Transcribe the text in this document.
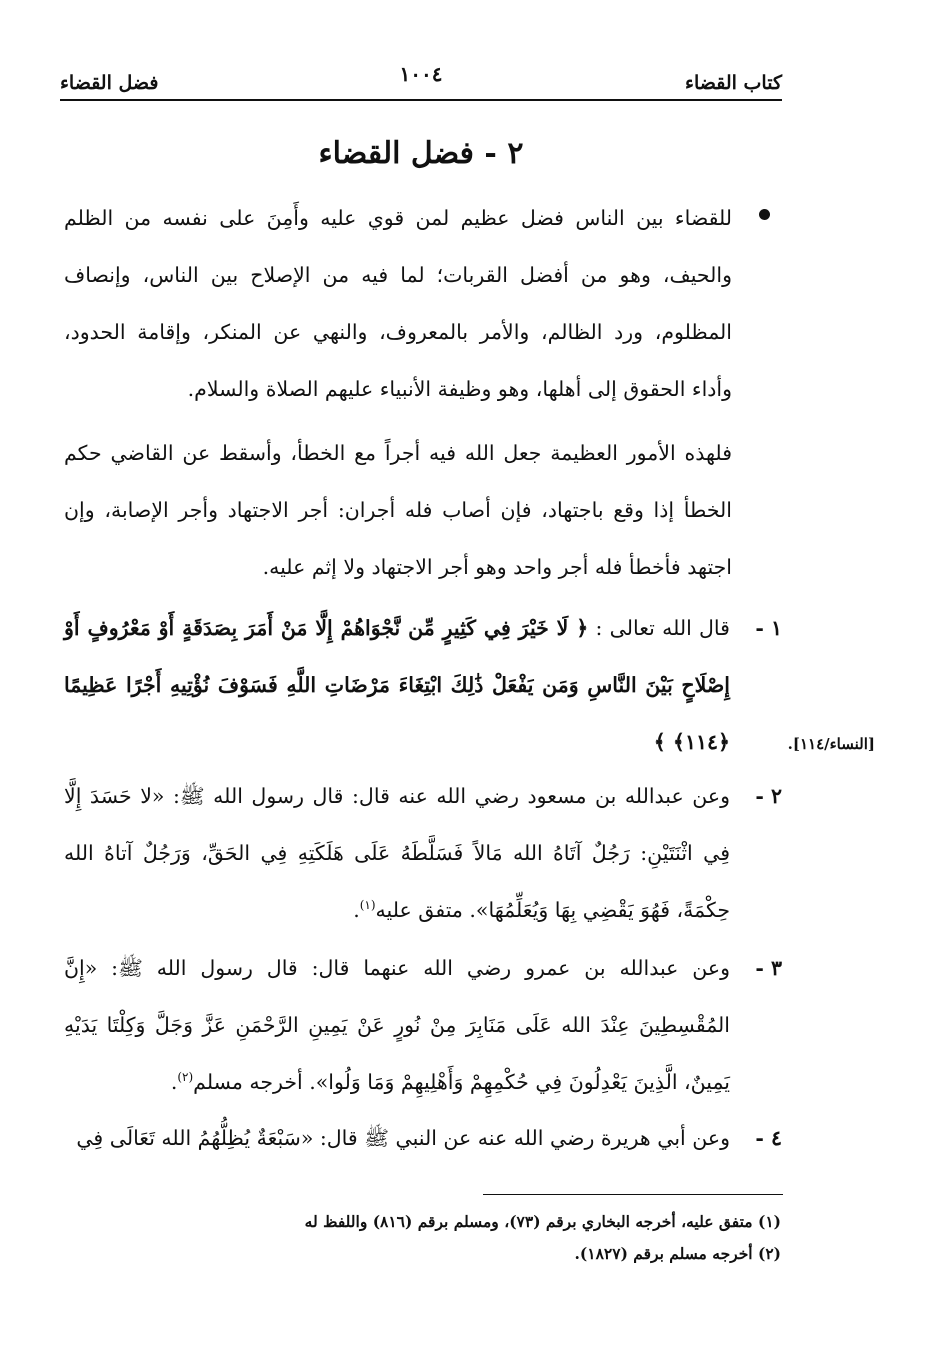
كتاب القضاء
١٠٠٤
فضل القضاء
٢ - فضل القضاء
للقضاء بين الناس فضل عظيم لمن قوي عليه وأَمِنَ على نفسه من الظلم والحيف، وهو من أفضل القربات؛ لما فيه من الإصلاح بين الناس، وإنصاف المظلوم، ورد الظالم، والأمر بالمعروف، والنهي عن المنكر، وإقامة الحدود، وأداء الحقوق إلى أهلها، وهو وظيفة الأنبياء عليهم الصلاة والسلام.
فلهذه الأمور العظيمة جعل الله فيه أجراً مع الخطأ، وأسقط عن القاضي حكم الخطأ إذا وقع باجتهاد، فإن أصاب فله أجران: أجر الاجتهاد وأجر الإصابة، وإن اجتهد فأخطأ فله أجر واحد وهو أجر الاجتهاد ولا إثم عليه.
١ -
قال الله تعالى : ﴿ لَا خَيْرَ فِي كَثِيرٍ مِّن نَّجْوَاهُمْ إِلَّا مَنْ أَمَرَ بِصَدَقَةٍ أَوْ مَعْرُوفٍ أَوْ إِصْلَاحٍ بَيْنَ النَّاسِ وَمَن يَفْعَلْ ذَٰلِكَ ابْتِغَاءَ مَرْضَاتِ اللَّهِ فَسَوْفَ نُؤْتِيهِ أَجْرًا عَظِيمًا ﴿١١٤﴾ ﴾	[النساء/١١٤].
٢ -
وعن عبدالله بن مسعود رضي الله عنه قال: قال رسول الله ﷺ: «لا حَسَدَ إِلَّا فِي اثْنَتَيْنِ: رَجُلٌ آتَاهُ الله مَالاً فَسَلَّطَهُ عَلَى هَلَكَتِهِ فِي الحَقِّ، وَرَجُلٌ آتاهُ الله حِكْمَةً، فَهُوَ يَقْضِي بِهَا وَيُعَلِّمُهَا». متفق عليه$^{(١)}$.
٣ -
وعن عبدالله بن عمرو رضي الله عنهما قال: قال رسول الله ﷺ: «إِنَّ المُقْسِطِينَ عِنْدَ الله عَلَى مَنَابِرَ مِنْ نُورٍ عَنْ يَمِينِ الرَّحْمَنِ عَزَّ وَجَلَّ وَكِلْتَا يَدَيْهِ يَمِينٌ، الَّذِينَ يَعْدِلُونَ فِي حُكْمِهِمْ وَأَهْلِيهِمْ وَمَا وَلُوا». أخرجه مسلم$^{(٢)}$.
٤ -
وعن أبي هريرة رضي الله عنه عن النبي ﷺ قال: «سَبْعَةٌ يُظِلُّهُمُ الله تَعَالَى فِي
(١) متفق عليه، أخرجه البخاري برقم (٧٣)، ومسلم برقم (٨١٦) واللفظ له
(٢) أخرجه مسلم برقم (١٨٢٧).
